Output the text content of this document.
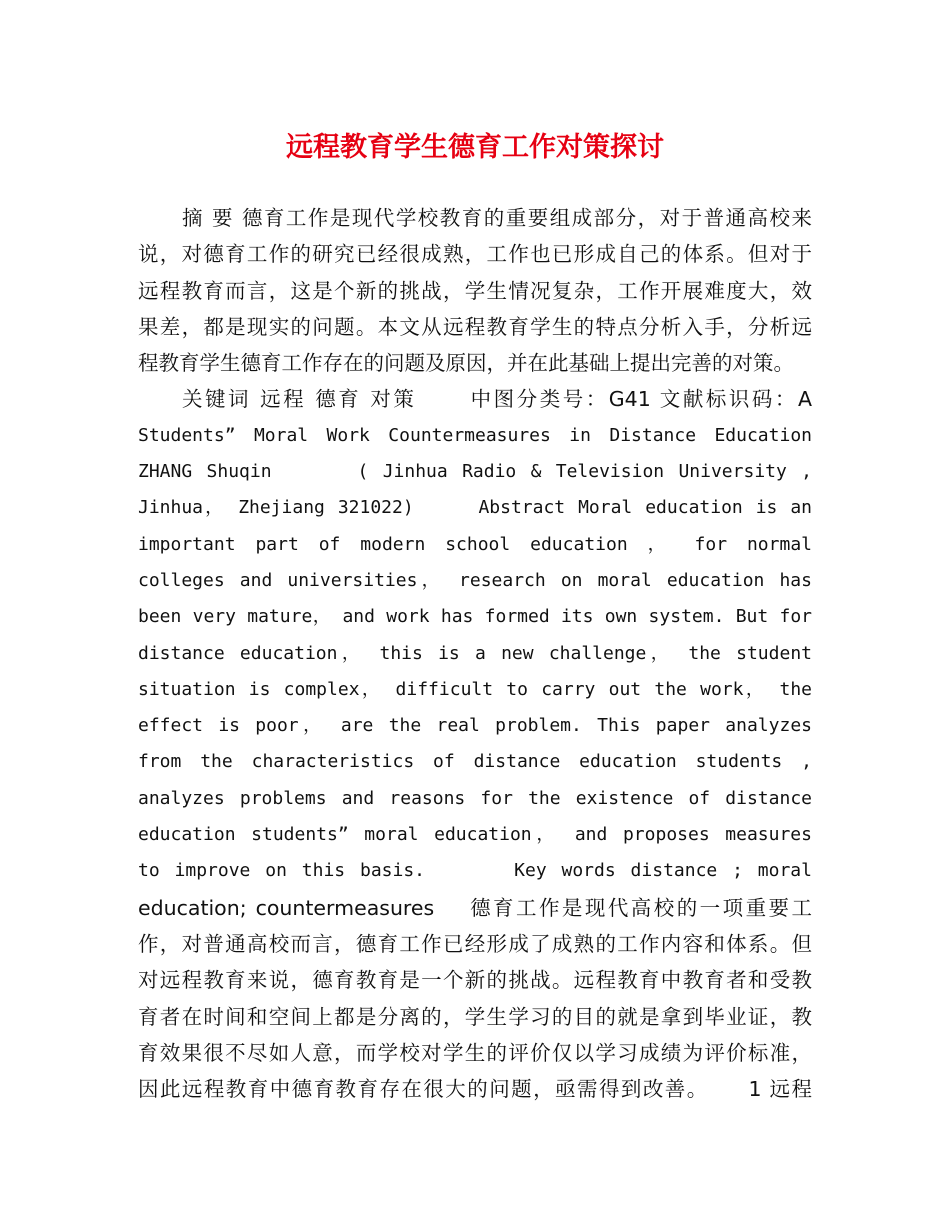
远程教育学生德育工作对策探讨
摘 要 德育工作是现代学校教育的重要组成部分，对于普通高校来
说，对德育工作的研究已经很成熟，工作也已形成自己的体系。但对于
远程教育而言，这是个新的挑战，学生情况复杂，工作开展难度大，效
果差，都是现实的问题。本文从远程教育学生的特点分析入手，分析远
程教育学生德育工作存在的问题及原因，并在此基础上提出完善的对策。
关键词 远程 德育 对策      中图分类号：G41 文献标识码：A
Students” Moral Work Countermeasures in Distance Education
ZHANG Shuqin      ( Jinhua Radio & Television University ,
Jinhua， Zhejiang 321022)     Abstract Moral education is an
important part of modern school education ， for normal
colleges and universities， research on moral education has
been very mature， and work has formed its own system. But for
distance education， this is a new challenge， the student
situation is complex， difficult to carry out the work， the
effect is poor， are the real problem. This paper analyzes
from the characteristics of distance education students ,
analyzes problems and reasons for the existence of distance
education students” moral education， and proposes measures
to improve on this basis.      Key words distance ; moral
education; countermeasures    德育工作是现代高校的一项重要工
作，对普通高校而言，德育工作已经形成了成熟的工作内容和体系。但
对远程教育来说，德育教育是一个新的挑战。远程教育中教育者和受教
育者在时间和空间上都是分离的，学生学习的目的就是拿到毕业证，教
育效果很不尽如人意，而学校对学生的评价仅以学习成绩为评价标准，
因此远程教育中德育教育存在很大的问题，亟需得到改善。     1 远程
